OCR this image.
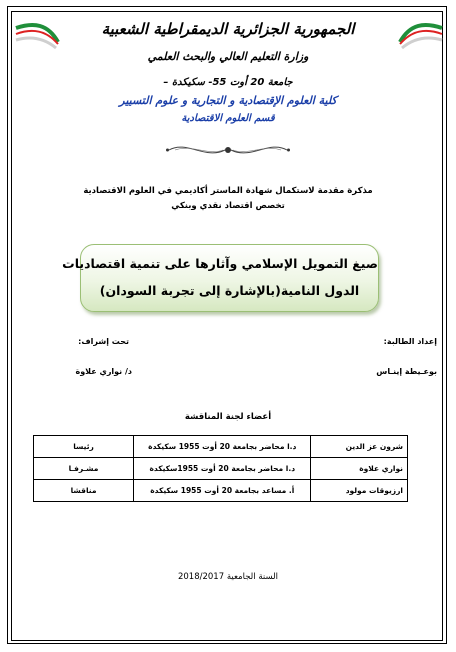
الجمهورية الجزائرية الديمقراطية الشعبية
وزارة التعليم العالي والبحث العلمي
جامعة 20 أوت 55- سكيكدة –
كلية العلوم الإقتصادية و التجارية و علوم التسيير
قسم العلوم الاقتصادية
مذكرة مقدمة لاستكمال شهادة الماستر أكاديمي في العلوم الاقتصادية
تخصص اقتصاد نقدي وبنكي
صيغ التمويل الإسلامي وآثارها على تنمية اقتصاديات
الدول النامية(بالإشارة إلى تجربة السودان)
إعداد الطالبة:
تحت إشراف:
بوعـيطة إينـاس
د/ نواري علاوة
أعضاء لجنة المناقشة
شرون عز الدين	د.ا محاضر بجامعة 20 أوت 1955 سكيكدة	رئيسا
نواري علاوة	د.ا محاضر بجامعة 20 أوت 1955سكيكدة	مشـرفـا
ارزيوقات مولود	أ. مساعد بجامعة 20 أوت 1955 سكيكدة	مناقشا
السنة الجامعية 2018/2017
